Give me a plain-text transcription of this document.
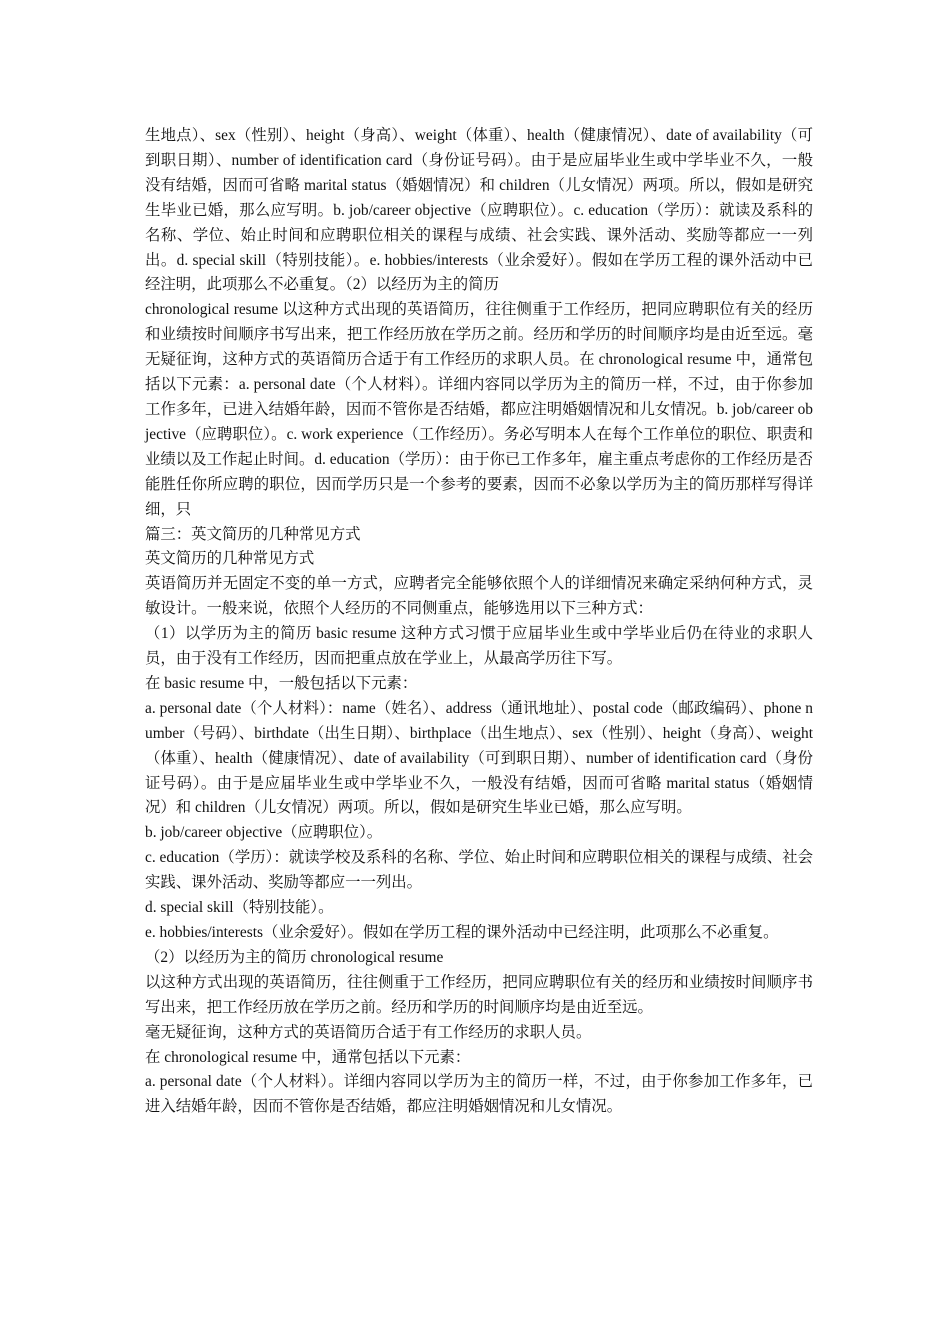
生地点）、sex（性别）、height（身高）、weight（体重）、health（健康情况）、date of availability（可到职日期）、number of identification card（身份证号码）。由于是应届毕业生或中学毕业不久，一般没有结婚，因而可省略 marital status（婚姻情况）和 children（儿女情况）两项。所以，假如是研究生毕业已婚，那么应写明。b. job/career objective（应聘职位）。c. education（学历）：就读及系科的名称、学位、始止时间和应聘职位相关的课程与成绩、社会实践、课外活动、奖励等都应一一列出。d. special skill（特别技能）。e. hobbies/interests（业余爱好）。假如在学历工程的课外活动中已经注明，此项那么不必重复。（2）以经历为主的简历

chronological resume 以这种方式出现的英语简历，往往侧重于工作经历，把同应聘职位有关的经历和业绩按时间顺序书写出来，把工作经历放在学历之前。经历和学历的时间顺序均是由近至远。毫无疑征询，这种方式的英语简历合适于有工作经历的求职人员。在 chronological resume 中，通常包括以下元素：a. personal date（个人材料）。详细内容同以学历为主的简历一样，不过，由于你参加工作多年，已进入结婚年龄，因而不管你是否结婚，都应注明婚姻情况和儿女情况。b. job/career objective（应聘职位）。c. work experience（工作经历）。务必写明本人在每个工作单位的职位、职责和业绩以及工作起止时间。d. education（学历）：由于你已工作多年，雇主重点考虑你的工作经历是否能胜任你所应聘的职位，因而学历只是一个参考的要素，因而不必象以学历为主的简历那样写得详细，只

篇三：英文简历的几种常见方式

英文简历的几种常见方式

英语简历并无固定不变的单一方式，应聘者完全能够依照个人的详细情况来确定采纳何种方式，灵敏设计。一般来说，依照个人经历的不同侧重点，能够选用以下三种方式：

（1）以学历为主的简历 basic resume 这种方式习惯于应届毕业生或中学毕业后仍在待业的求职人员，由于没有工作经历，因而把重点放在学业上，从最高学历往下写。

在 basic resume 中，一般包括以下元素：

a. personal date（个人材料）：name（姓名）、address（通讯地址）、postal code（邮政编码）、phone number（号码）、birthdate（出生日期）、birthplace（出生地点）、sex（性别）、height（身高）、weight（体重）、health（健康情况）、date of availability（可到职日期）、number of identification card（身份证号码）。由于是应届毕业生或中学毕业不久，一般没有结婚，因而可省略 marital status（婚姻情况）和 children（儿女情况）两项。所以，假如是研究生毕业已婚，那么应写明。

b. job/career objective（应聘职位）。

c. education（学历）：就读学校及系科的名称、学位、始止时间和应聘职位相关的课程与成绩、社会实践、课外活动、奖励等都应一一列出。

d. special skill（特别技能）。

e. hobbies/interests（业余爱好）。假如在学历工程的课外活动中已经注明，此项那么不必重复。

（2）以经历为主的简历 chronological resume

以这种方式出现的英语简历，往往侧重于工作经历，把同应聘职位有关的经历和业绩按时间顺序书写出来，把工作经历放在学历之前。经历和学历的时间顺序均是由近至远。

毫无疑征询，这种方式的英语简历合适于有工作经历的求职人员。

在 chronological resume 中，通常包括以下元素：

a. personal date（个人材料）。详细内容同以学历为主的简历一样，不过，由于你参加工作多年，已进入结婚年龄，因而不管你是否结婚，都应注明婚姻情况和儿女情况。
